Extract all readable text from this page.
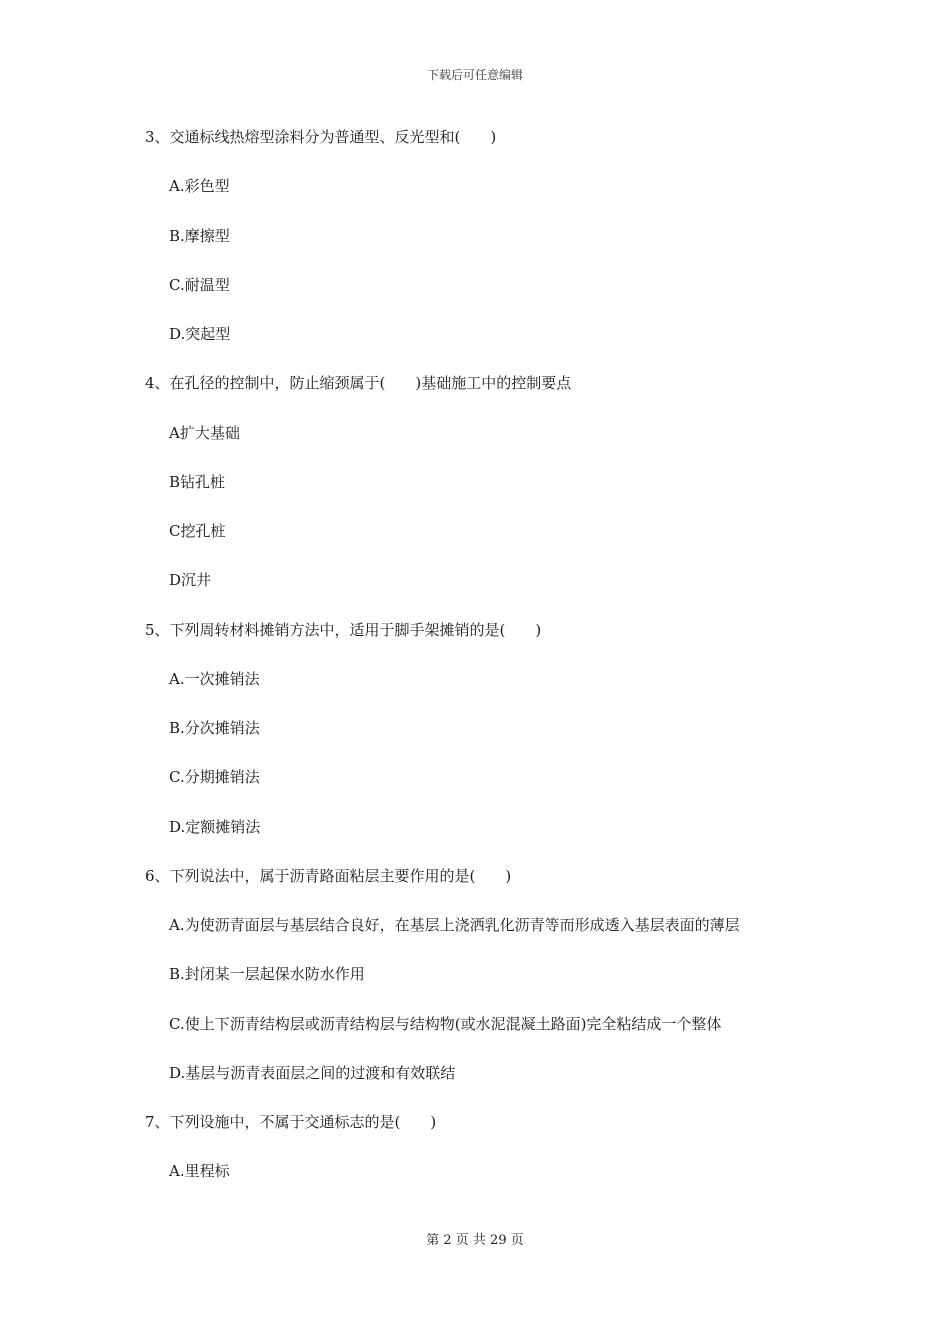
下载后可任意编辑
3、交通标线热熔型涂料分为普通型、反光型和(　　)
A.彩色型
B.摩擦型
C.耐温型
D.突起型
4、在孔径的控制中，防止缩颈属于(　　)基础施工中的控制要点
A扩大基础
B钻孔桩
C挖孔桩
D沉井
5、下列周转材料摊销方法中，适用于脚手架摊销的是(　　)
A.一次摊销法
B.分次摊销法
C.分期摊销法
D.定额摊销法
6、下列说法中，属于沥青路面粘层主要作用的是(　　)
A.为使沥青面层与基层结合良好，在基层上浇洒乳化沥青等而形成透入基层表面的薄层
B.封闭某一层起保水防水作用
C.使上下沥青结构层或沥青结构层与结构物(或水泥混凝土路面)完全粘结成一个整体
D.基层与沥青表面层之间的过渡和有效联结
7、下列设施中，不属于交通标志的是(　　)
A.里程标
第 2 页 共 29 页
